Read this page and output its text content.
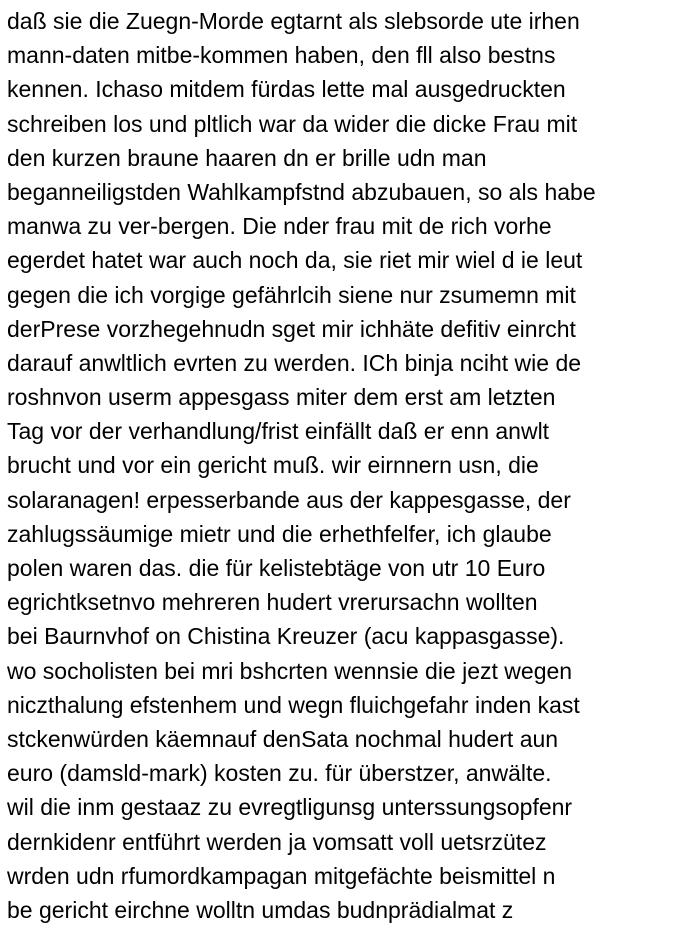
daß sie die Zuegn-Morde egtarnt als slebsorde ute irhen
mann-daten mitbe-kommen haben, den fll also bestns
kennen. Ichaso mitdem fürdas lette mal ausgedruckten
schreiben los und pltlich war da wider die dicke Frau mit
den kurzen braune haaren dn er brille udn man
beganneiligstden Wahlkampfstnd abzubauen, so als habe
manwa zu ver-bergen. Die nder frau mit de rich vorhe
egerdet hatet war auch noch da, sie riet mir wiel d ie leut
gegen die ich vorgige gefährlcih siene nur zsumemn mit
derPrese vorzhegehnudn sget mir ichhäte defitiv einrcht
darauf anwltlich evrten zu werden. ICh binja nciht wie de
roshnvon userm appesgass miter dem erst am letzten
Tag vor der verhandlung/frist einfällt daß er enn anwlt
brucht und vor ein gericht muß. wir eirnnern usn, die
solaranagen! erpesserbande aus der kappesgasse, der
zahlugssäumige mietr und die erhethfelfer, ich glaube
polen waren das. die für kelistebtäge von utr 10 Euro
egrichtksetnvo mehreren hudert vrerursachn wollten
bei Baurnvhof on Chistina Kreuzer (acu kappasgasse).
wo socholisten bei mri bshcrten wennsie die jezt wegen
niczthalung efstenhem und wegn fluichgefahr inden kast
stckenwürden käemnauf denSata nochmal hudert aun
euro (damsld-mark) kosten zu. für überstzer, anwälte.
wil die inm gestaaz zu evregtligunsg unterssungsopfenr
dernkidenr entführt werden ja vomsatt voll uetsrzütez
wrden udn rfumordkampagan mitgefächte beismittel n
be gericht eirchne wolltn umdas budnprädialmat z
